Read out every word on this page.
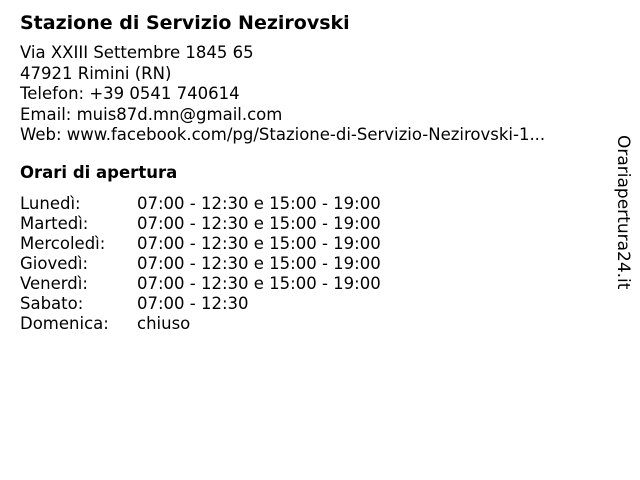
Stazione di Servizio Nezirovski
Via XXIII Settembre 1845 65
47921 Rimini (RN)
Telefon: +39 0541 740614
Email: muis87d.mn@gmail.com
Web: www.facebook.com/pg/Stazione-di-Servizio-Nezirovski-1...
Orari di apertura
Lunedì:	07:00 - 12:30 e 15:00 - 19:00
Martedì:	07:00 - 12:30 e 15:00 - 19:00
Mercoledì: 07:00 - 12:30 e 15:00 - 19:00
Giovedì:	07:00 - 12:30 e 15:00 - 19:00
Venerdì:	07:00 - 12:30 e 15:00 - 19:00
Sabato:	07:00 - 12:30
Domenica: chiuso
Orariapertura24.it
